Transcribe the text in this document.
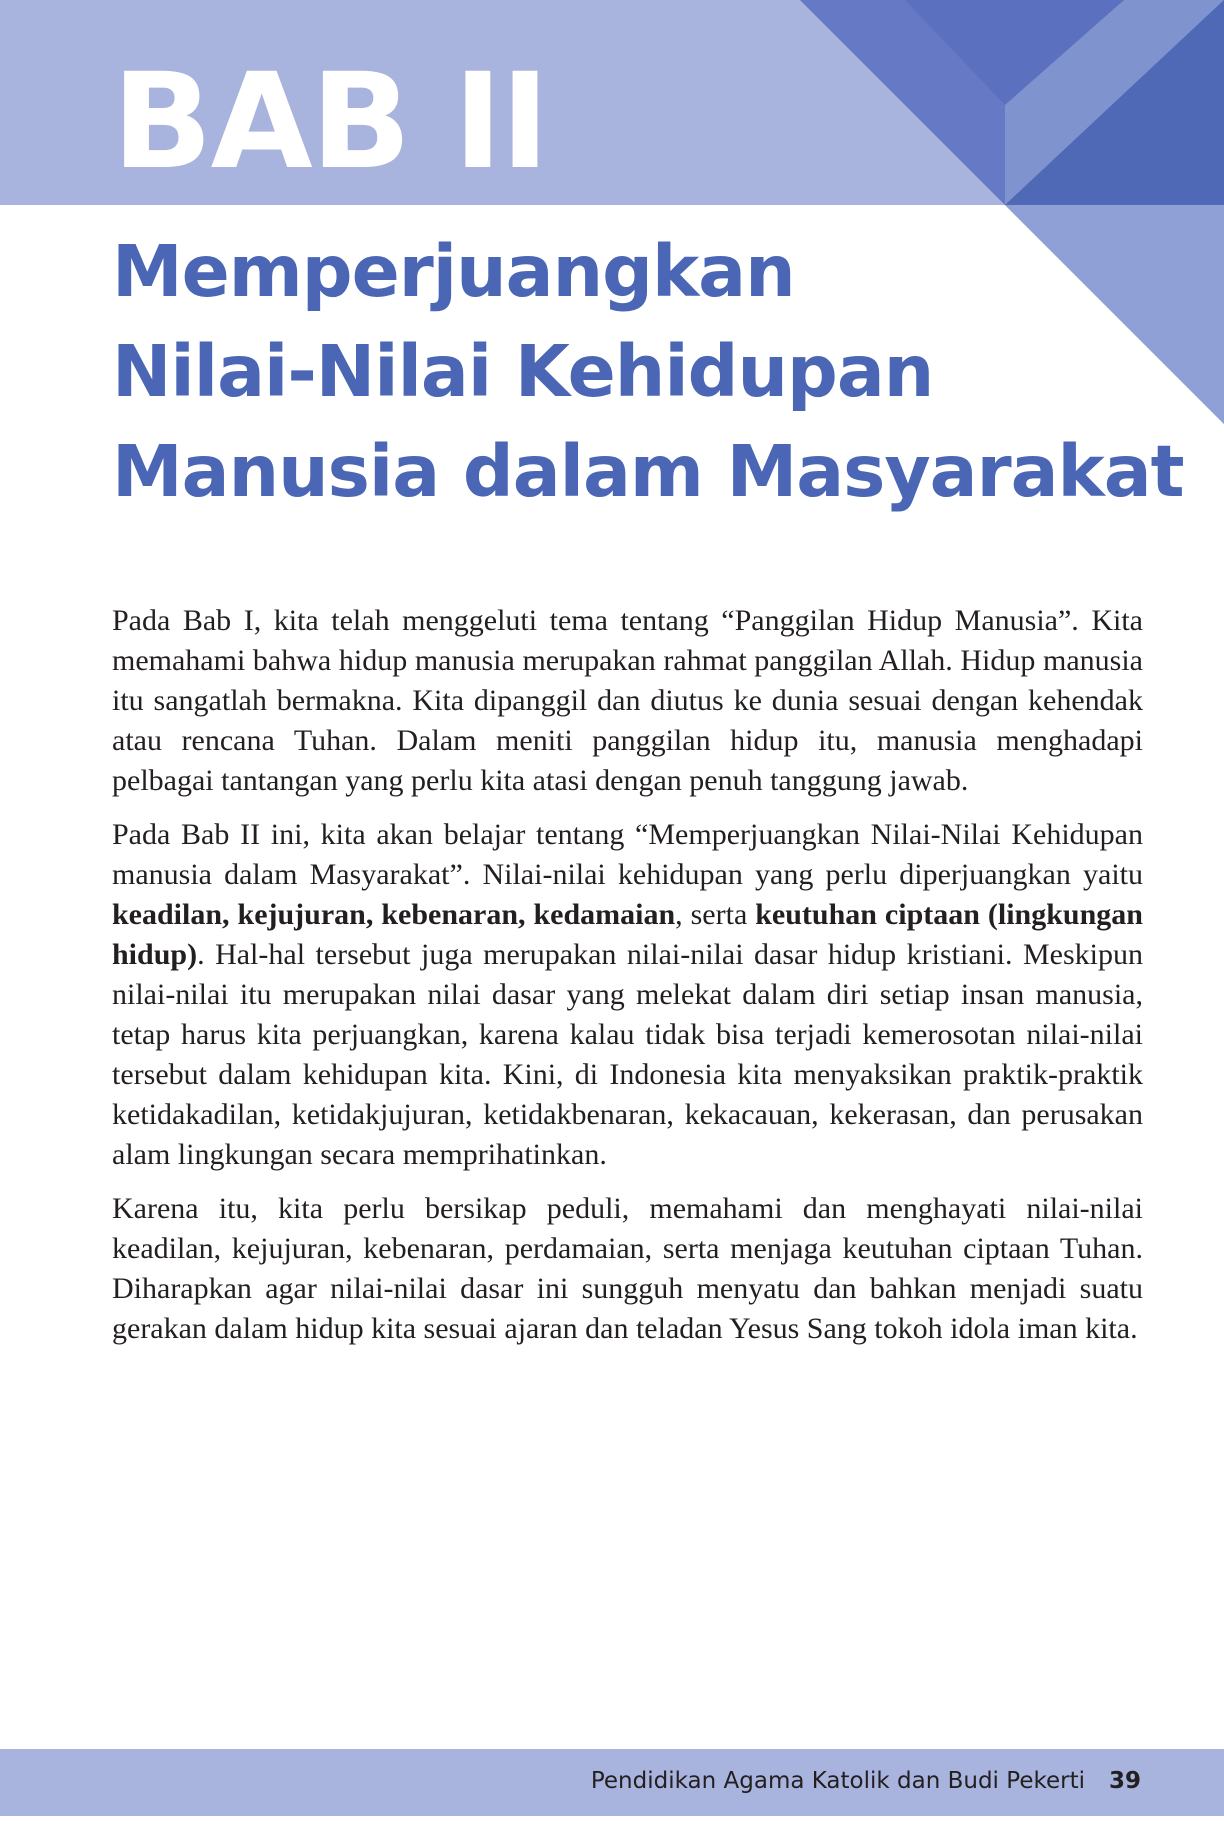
BAB II
Memperjuangkan
Nilai-Nilai Kehidupan
Manusia dalam Masyarakat

Pada Bab I, kita telah menggeluti tema tentang “Panggilan Hidup Manusia”. Kita memahami bahwa hidup manusia merupakan rahmat panggilan Allah. Hidup manusia itu sangatlah bermakna. Kita dipanggil dan diutus ke dunia sesuai dengan kehendak atau rencana Tuhan. Dalam meniti panggilan hidup itu, manusia menghadapi pelbagai tantangan yang perlu kita atasi dengan penuh tanggung jawab.

Pada Bab II ini, kita akan belajar tentang “Memperjuangkan Nilai-Nilai Kehidupan manusia dalam Masyarakat”. Nilai-nilai kehidupan yang perlu diperjuangkan yaitu keadilan, kejujuran, kebenaran, kedamaian, serta keutuhan ciptaan (lingkungan hidup). Hal-hal tersebut juga merupakan nilai-nilai dasar hidup kristiani. Meskipun nilai-nilai itu merupakan nilai dasar yang melekat dalam diri setiap insan manusia, tetap harus kita perjuangkan, karena kalau tidak bisa terjadi kemerosotan nilai-nilai tersebut dalam kehidupan kita. Kini, di Indonesia kita menyaksikan praktik-praktik ketidakadilan, ketidakjujuran, ketidakbenaran, kekacauan, kekerasan, dan perusakan alam lingkungan secara memprihatinkan.

Karena itu, kita perlu bersikap peduli, memahami dan menghayati nilai-nilai keadilan, kejujuran, kebenaran, perdamaian, serta menjaga keutuhan ciptaan Tuhan. Diharapkan agar nilai-nilai dasar ini sungguh menyatu dan bahkan menjadi suatu gerakan dalam hidup kita sesuai ajaran dan teladan Yesus Sang tokoh idola iman kita.

Pendidikan Agama Katolik dan Budi Pekerti 39
